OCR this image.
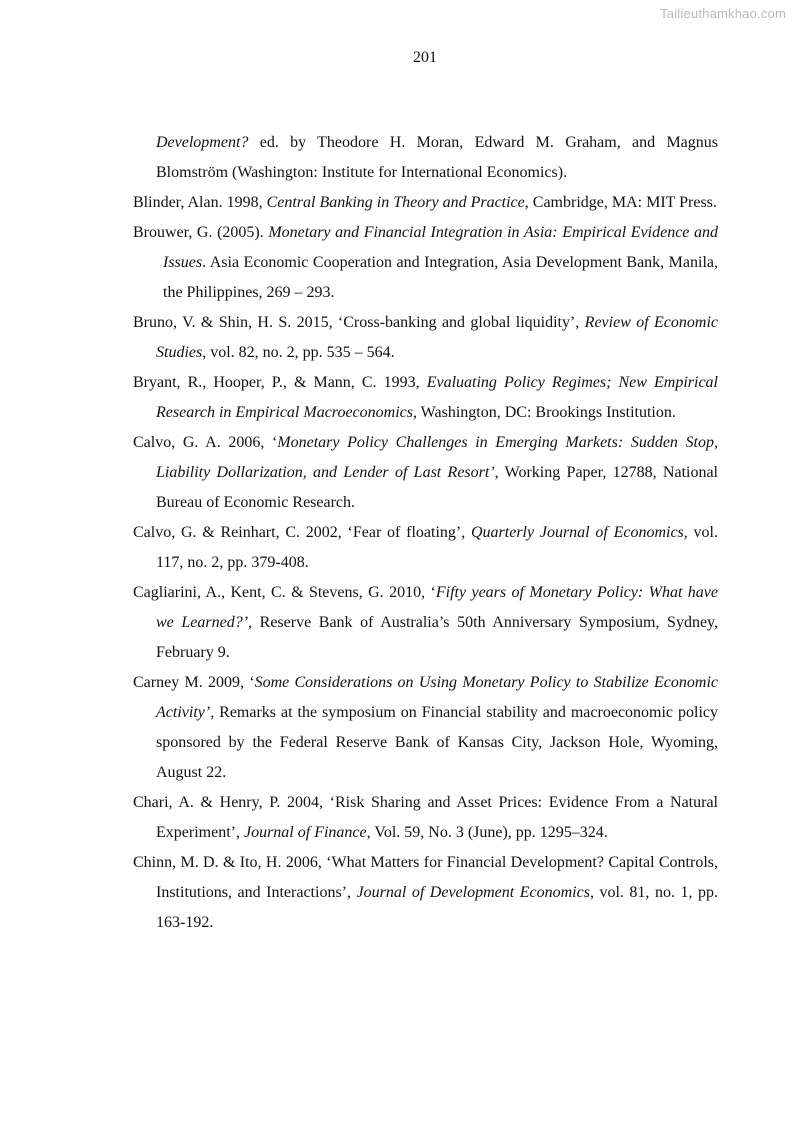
Tailieuthamkhao.com
201

Development? ed. by Theodore H. Moran, Edward M. Graham, and Magnus Blomström (Washington: Institute for International Economics).

Blinder, Alan. 1998, Central Banking in Theory and Practice, Cambridge, MA: MIT Press.

Brouwer, G. (2005). Monetary and Financial Integration in Asia: Empirical Evidence and Issues. Asia Economic Cooperation and Integration, Asia Development Bank, Manila, the Philippines, 269 – 293.

Bruno, V. & Shin, H. S. 2015, ‘Cross-banking and global liquidity’, Review of Economic Studies, vol. 82, no. 2, pp. 535 – 564.

Bryant, R., Hooper, P., & Mann, C. 1993, Evaluating Policy Regimes; New Empirical Research in Empirical Macroeconomics, Washington, DC: Brookings Institution.

Calvo, G. A. 2006, ‘Monetary Policy Challenges in Emerging Markets: Sudden Stop, Liability Dollarization, and Lender of Last Resort’, Working Paper, 12788, National Bureau of Economic Research.

Calvo, G. & Reinhart, C. 2002, ‘Fear of floating’, Quarterly Journal of Economics, vol. 117, no. 2, pp. 379-408.

Cagliarini, A., Kent, C. & Stevens, G. 2010, ‘Fifty years of Monetary Policy: What have we Learned?’, Reserve Bank of Australia’s 50th Anniversary Symposium, Sydney, February 9.

Carney M. 2009, ‘Some Considerations on Using Monetary Policy to Stabilize Economic Activity’, Remarks at the symposium on Financial stability and macroeconomic policy sponsored by the Federal Reserve Bank of Kansas City, Jackson Hole, Wyoming, August 22.

Chari, A. & Henry, P. 2004, ‘Risk Sharing and Asset Prices: Evidence From a Natural Experiment’, Journal of Finance, Vol. 59, No. 3 (June), pp. 1295–324.

Chinn, M. D. & Ito, H. 2006, ‘What Matters for Financial Development? Capital Controls, Institutions, and Interactions’, Journal of Development Economics, vol. 81, no. 1, pp. 163-192.
